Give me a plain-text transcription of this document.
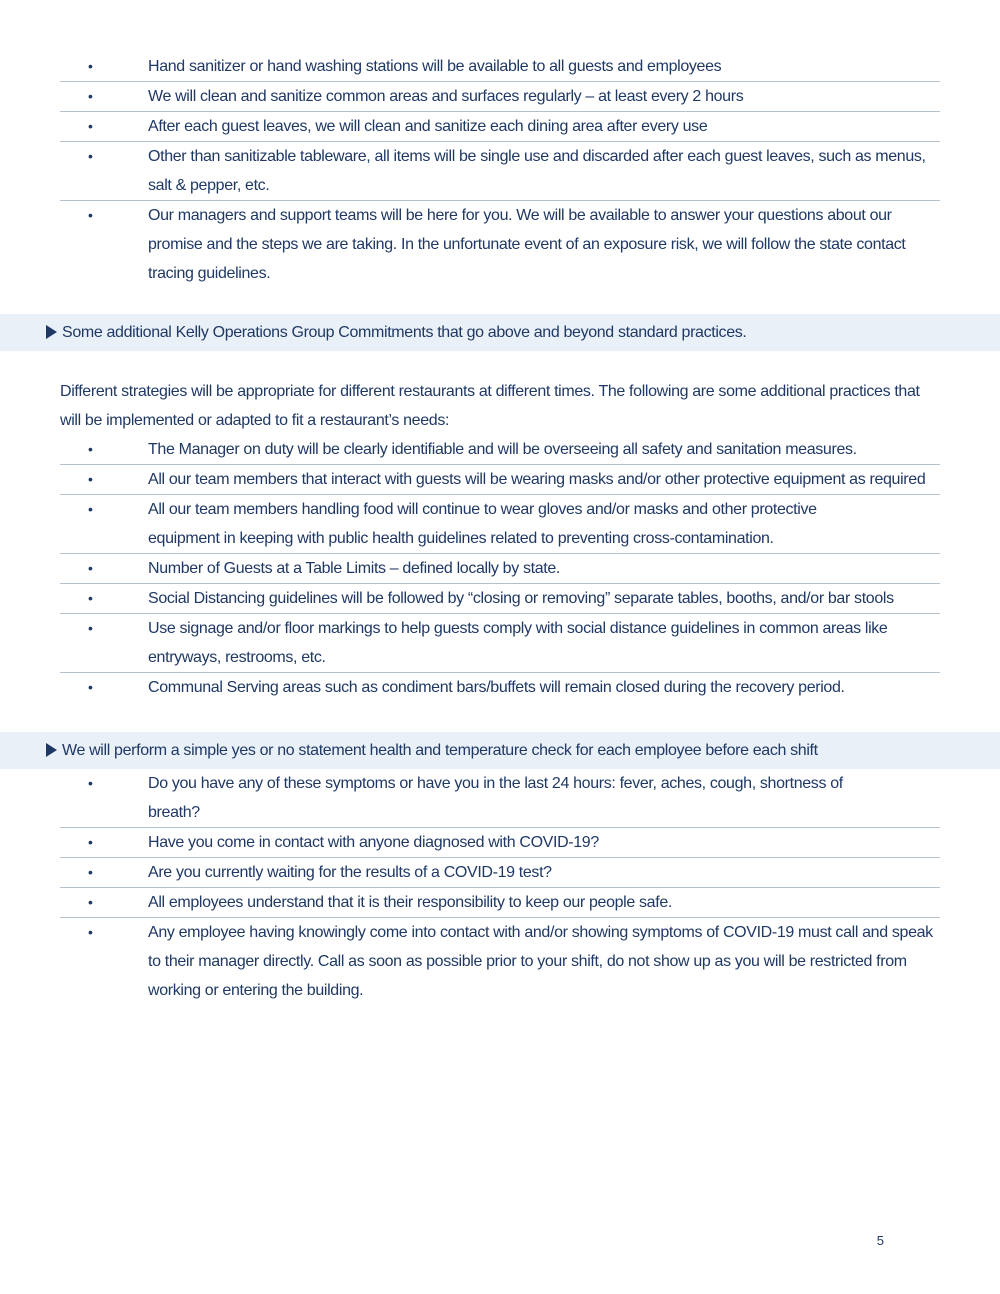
•	Hand sanitizer or hand washing stations will be available to all guests and employees
•	We will clean and sanitize common areas and surfaces regularly – at least every 2 hours
•	After each guest leaves, we will clean and sanitize each dining area after every use
•	Other than sanitizable tableware, all items will be single use and discarded after each guest leaves, such as menus, salt & pepper, etc.
•	Our managers and support teams will be here for you. We will be available to answer your questions about our promise and the steps we are taking. In the unfortunate event of an exposure risk, we will follow the state contact tracing guidelines.
Some additional Kelly Operations Group Commitments that go above and beyond standard practices.

Different strategies will be appropriate for different restaurants at different times. The following are some additional practices that will be implemented or adapted to fit a restaurant’s needs:

•	The Manager on duty will be clearly identifiable and will be overseeing all safety and sanitation measures.
•	All our team members that interact with guests will be wearing masks and/or other protective equipment as required
•	All our team members handling food will continue to wear gloves and/or masks and other protective equipment in keeping with public health guidelines related to preventing cross-contamination.
•	Number of Guests at a Table Limits – defined locally by state.
•	Social Distancing guidelines will be followed by “closing or removing” separate tables, booths, and/or bar stools
•	Use signage and/or floor markings to help guests comply with social distance guidelines in common areas like entryways, restrooms, etc.
•	Communal Serving areas such as condiment bars/buffets will remain closed during the recovery period.
We will perform a simple yes or no statement health and temperature check for each employee before each shift
•	Do you have any of these symptoms or have you in the last 24 hours: fever, aches, cough, shortness of breath?
•	Have you come in contact with anyone diagnosed with COVID-19?
•	Are you currently waiting for the results of a COVID-19 test?
•	All employees understand that it is their responsibility to keep our people safe.
•	Any employee having knowingly come into contact with and/or showing symptoms of COVID-19 must call and speak to their manager directly. Call as soon as possible prior to your shift, do not show up as you will be restricted from working or entering the building.
5
